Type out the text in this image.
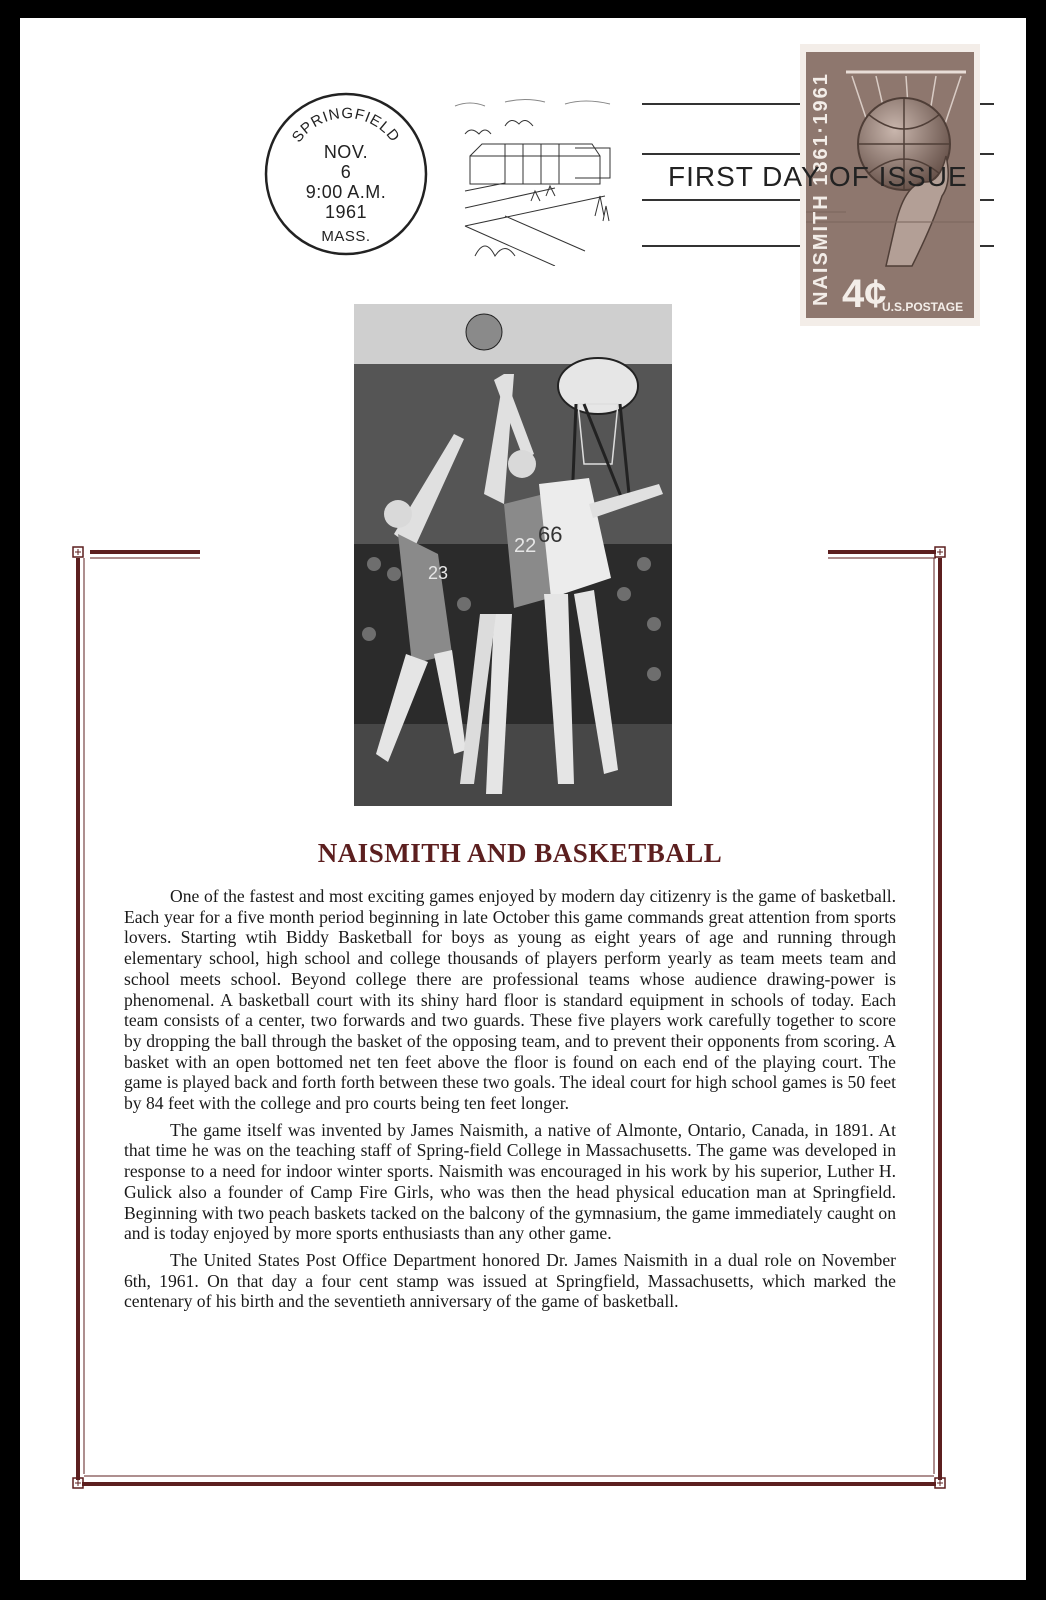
SPRINGFIELD
NOV.
6
9:00 A.M.
1961
MASS.	NAISMITH 1861·1961 4¢
U.S.POSTAGE
FIRST DAY OF ISSUE
23
22 66
NAISMITH AND BASKETBALL

One of the fastest and most exciting games enjoyed by modern day citizenry is the game of basketball. Each year for a five month period beginning in late October this game commands great attention from sports lovers. Starting wtih Biddy Basketball for boys as young as eight years of age and running through elementary school, high school and college thousands of players perform yearly as team meets team and school meets school. Beyond college there are professional teams whose audience drawing-power is phenomenal. A basketball court with its shiny hard floor is standard equipment in schools of today. Each team consists of a center, two forwards and two guards. These five players work carefully together to score by dropping the ball through the basket of the opposing team, and to prevent their opponents from scoring. A basket with an open bottomed net ten feet above the floor is found on each end of the playing court. The game is played back and forth forth between these two goals. The ideal court for high school games is 50 feet by 84 feet with the college and pro courts being ten feet longer.

The game itself was invented by James Naismith, a native of Almonte, Ontario, Canada, in 1891. At that time he was on the teaching staff of Spring-field College in Massachusetts. The game was developed in response to a need for indoor winter sports. Naismith was encouraged in his work by his superior, Luther H. Gulick also a founder of Camp Fire Girls, who was then the head physical education man at Springfield. Beginning with two peach baskets tacked on the balcony of the gymnasium, the game immediately caught on and is today enjoyed by more sports enthusiasts than any other game.

The United States Post Office Department honored Dr. James Naismith in a dual role on November 6th, 1961. On that day a four cent stamp was issued at Springfield, Massachusetts, which marked the centenary of his birth and the seventieth anniversary of the game of basketball.
